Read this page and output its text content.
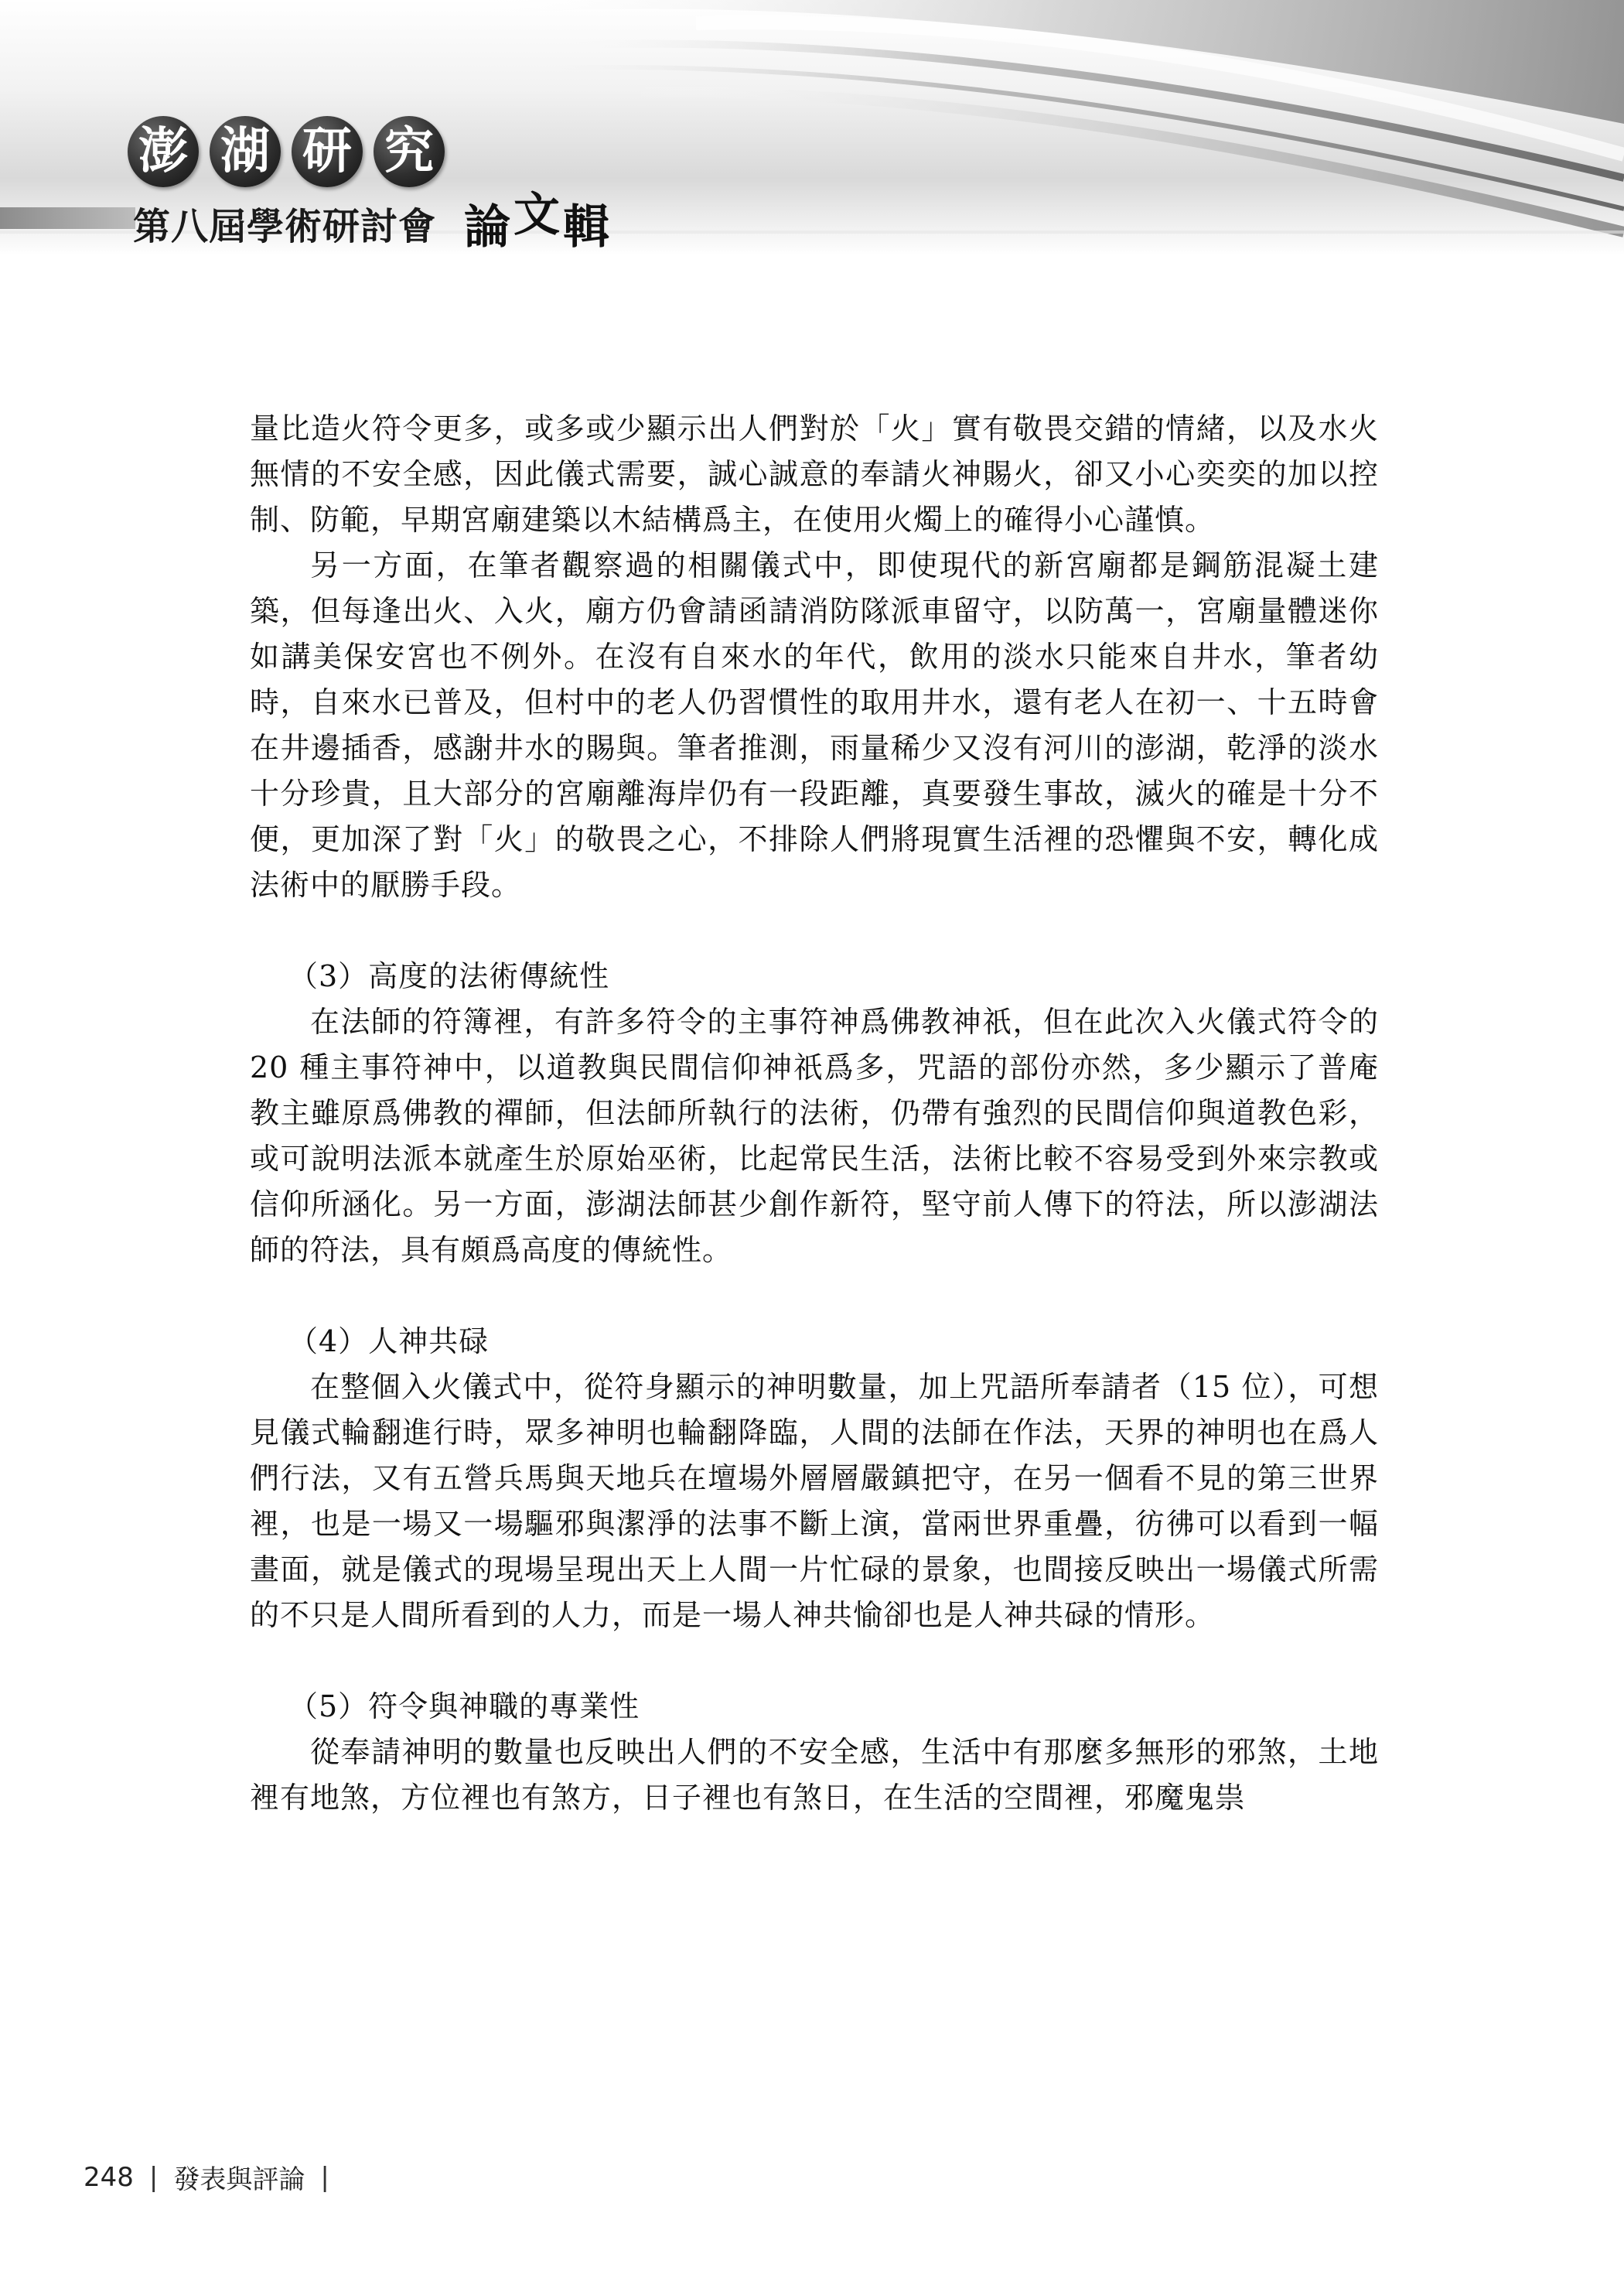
澎 湖 研 究
第八屆學術研討會 論文輯

量比造火符令更多，或多或少顯示出人們對於「火」實有敬畏交錯的情緒，以及水火無情的不安全感，因此儀式需要，誠心誠意的奉請火神賜火，卻又小心奕奕的加以控制、防範，早期宮廟建築以木結構爲主，在使用火燭上的確得小心謹慎。

另一方面，在筆者觀察過的相關儀式中，即使現代的新宮廟都是鋼筋混凝土建築，但每逢出火、入火，廟方仍會請函請消防隊派車留守，以防萬一，宮廟量體迷你如講美保安宮也不例外。在沒有自來水的年代，飲用的淡水只能來自井水，筆者幼時，自來水已普及，但村中的老人仍習慣性的取用井水，還有老人在初一、十五時會在井邊插香，感謝井水的賜與。筆者推測，雨量稀少又沒有河川的澎湖，乾淨的淡水十分珍貴，且大部分的宮廟離海岸仍有一段距離，真要發生事故，滅火的確是十分不便，更加深了對「火」的敬畏之心，不排除人們將現實生活裡的恐懼與不安，轉化成法術中的厭勝手段。

（3）高度的法術傳統性

在法師的符簿裡，有許多符令的主事符神爲佛教神祇，但在此次入火儀式符令的 20 種主事符神中，以道教與民間信仰神祇爲多，咒語的部份亦然，多少顯示了普庵教主雖原爲佛教的禪師，但法師所執行的法術，仍帶有強烈的民間信仰與道教色彩，或可說明法派本就產生於原始巫術，比起常民生活，法術比較不容易受到外來宗教或信仰所涵化。另一方面，澎湖法師甚少創作新符，堅守前人傳下的符法，所以澎湖法師的符法，具有頗爲高度的傳統性。

（4）人神共碌

在整個入火儀式中，從符身顯示的神明數量，加上咒語所奉請者（15 位），可想見儀式輪翻進行時，眾多神明也輪翻降臨，人間的法師在作法，天界的神明也在爲人們行法，又有五營兵馬與天地兵在壇場外層層嚴鎮把守，在另一個看不見的第三世界裡，也是一場又一場驅邪與潔淨的法事不斷上演，當兩世界重疊，彷彿可以看到一幅畫面，就是儀式的現場呈現出天上人間一片忙碌的景象，也間接反映出一場儀式所需的不只是人間所看到的人力，而是一場人神共愉卻也是人神共碌的情形。

（5）符令與神職的專業性

從奉請神明的數量也反映出人們的不安全感，生活中有那麼多無形的邪煞，土地裡有地煞，方位裡也有煞方，日子裡也有煞日，在生活的空間裡，邪魔鬼祟

248 | 發表與評論 |
